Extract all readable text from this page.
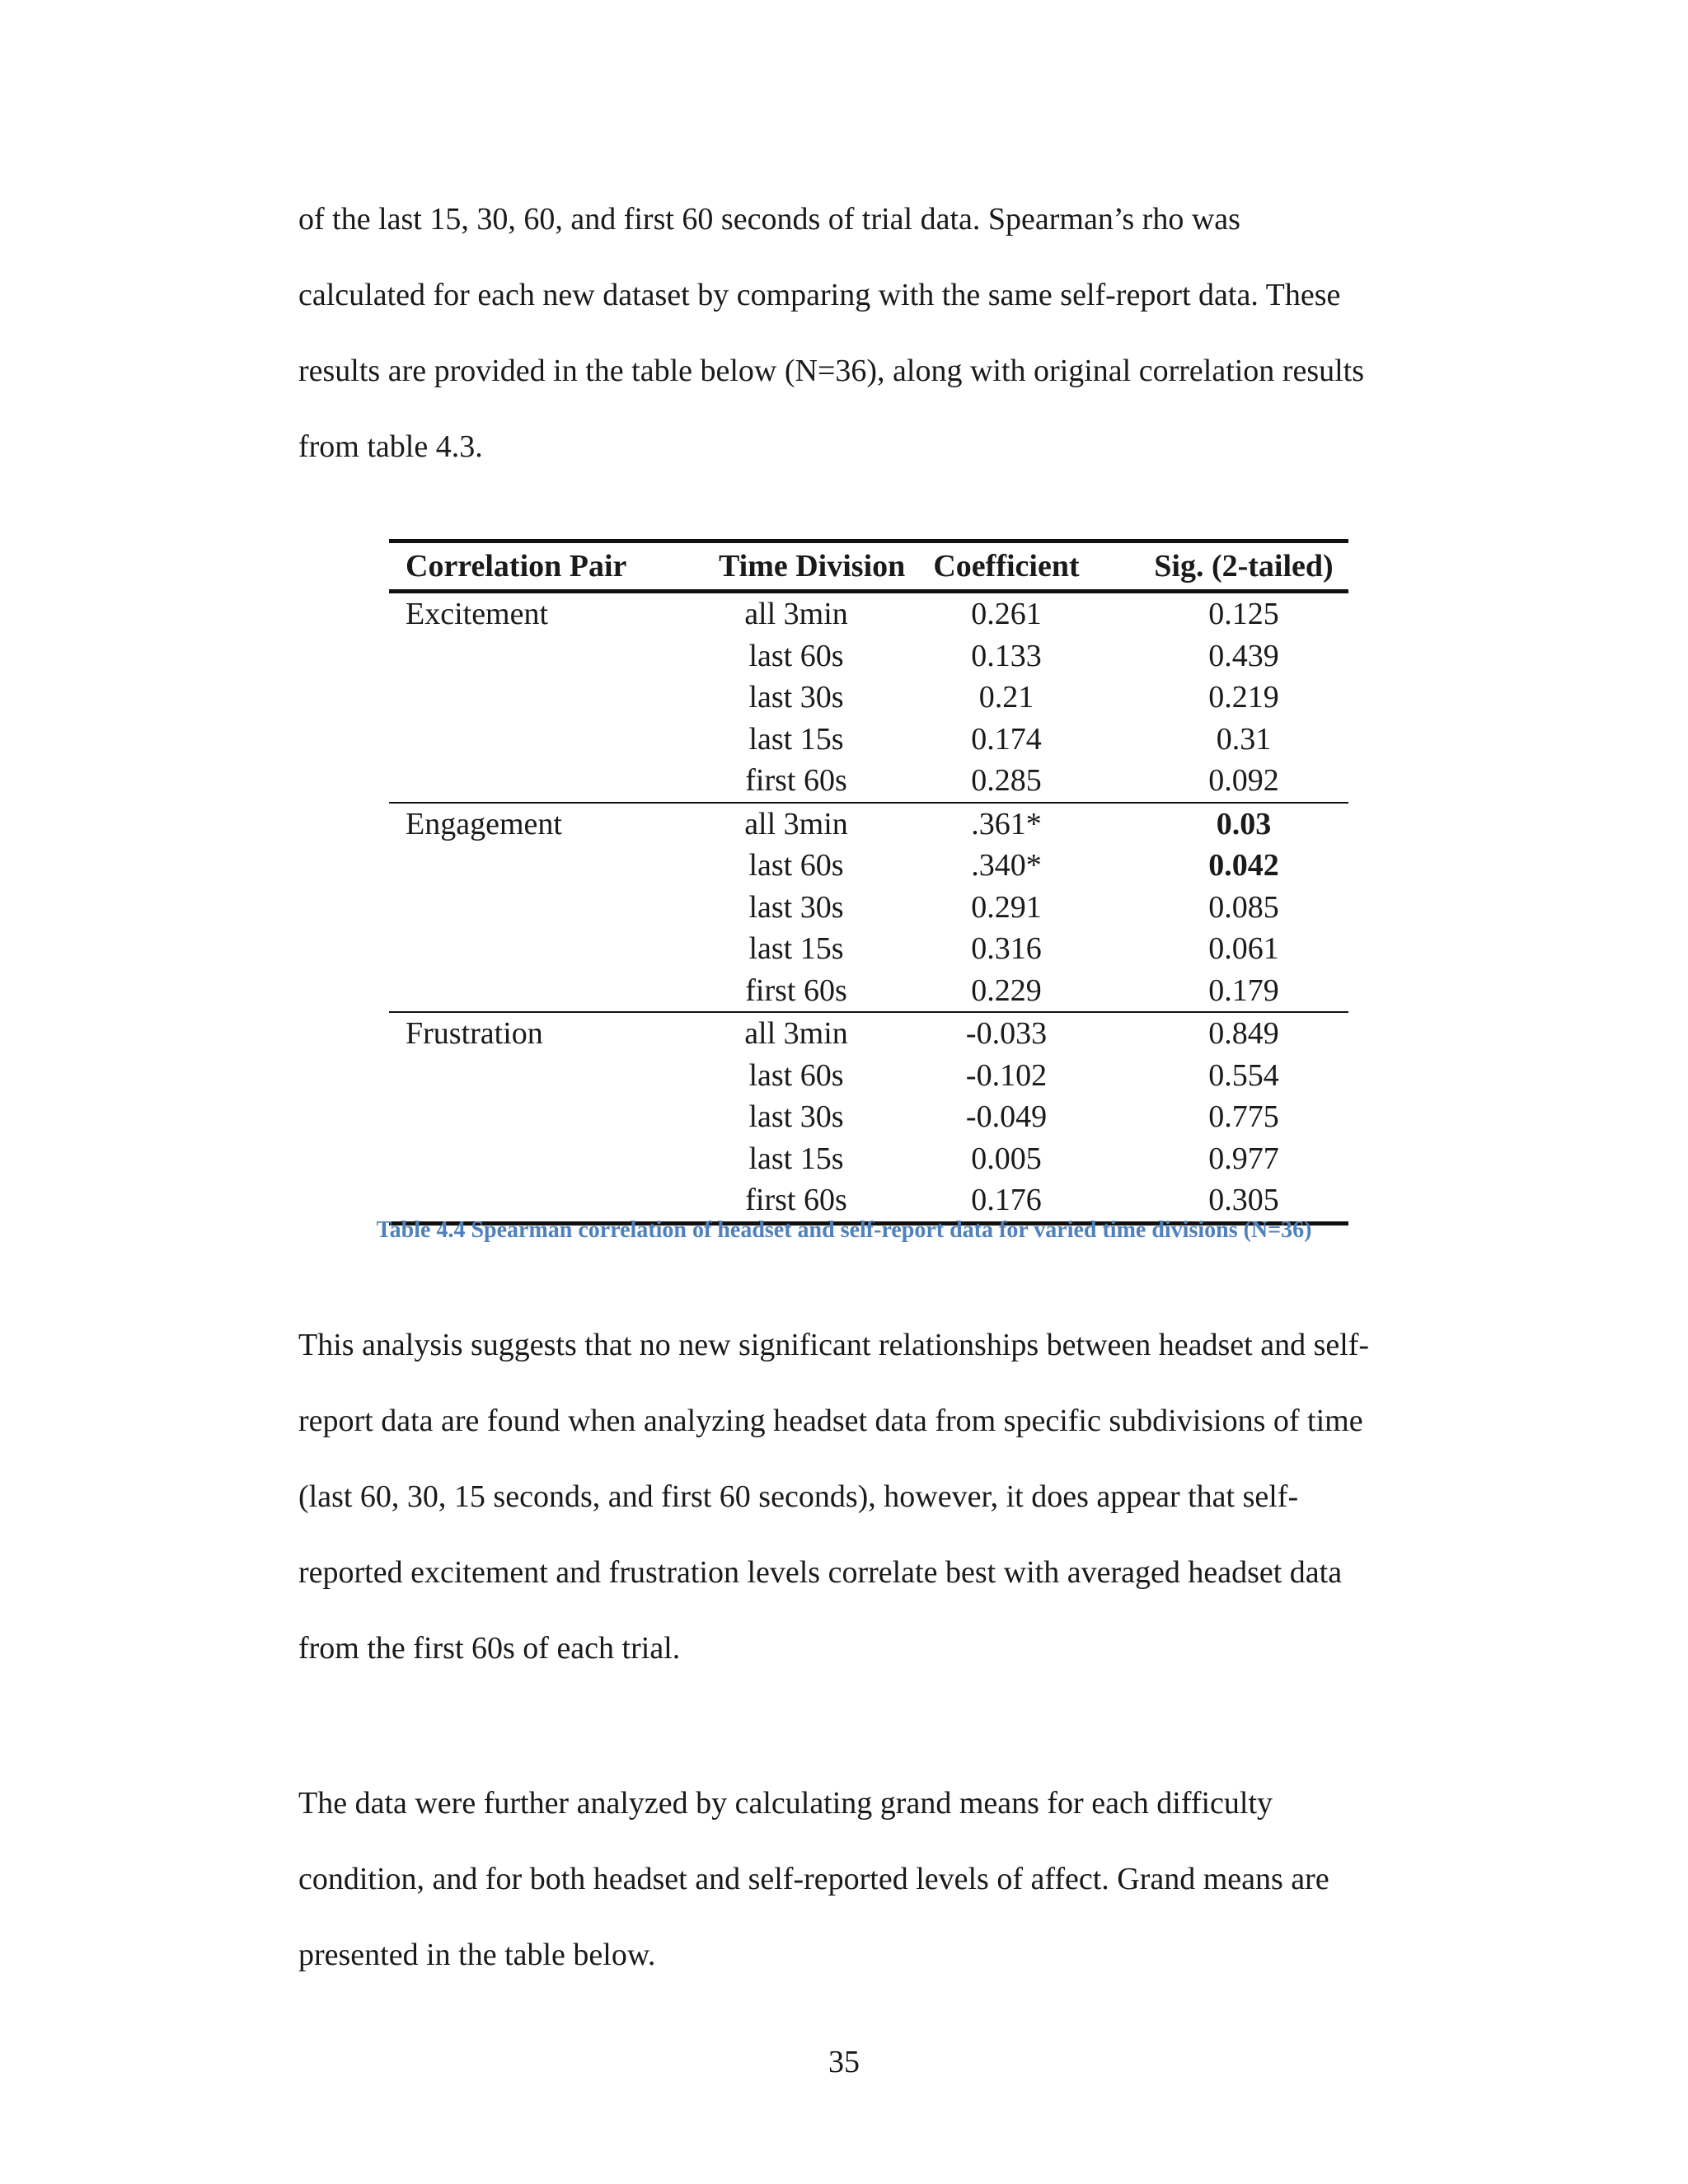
of the last 15, 30, 60, and first 60 seconds of trial data. Spearman’s rho was
calculated for each new dataset by comparing with the same self-report data. These
results are provided in the table below (N=36), along with original correlation results
from table 4.3.

Correlation Pair	Time Division	Coefficient	Sig. (2-tailed)
Excitement	all 3min	0.261	0.125
	last 60s	0.133	0.439
	last 30s	0.21	0.219
	last 15s	0.174	0.31
	first 60s	0.285	0.092
Engagement	all 3min	.361*	0.03
	last 60s	.340*	0.042
	last 30s	0.291	0.085
	last 15s	0.316	0.061
	first 60s	0.229	0.179
Frustration	all 3min	-0.033	0.849
	last 60s	-0.102	0.554
	last 30s	-0.049	0.775
	last 15s	0.005	0.977
	first 60s	0.176	0.305
Table 4.4 Spearman correlation of headset and self-report data for varied time divisions (N=36)

This analysis suggests that no new significant relationships between headset and self-
report data are found when analyzing headset data from specific subdivisions of time
(last 60, 30, 15 seconds, and first 60 seconds), however, it does appear that self-
reported excitement and frustration levels correlate best with averaged headset data
from the first 60s of each trial.

The data were further analyzed by calculating grand means for each difficulty
condition, and for both headset and self-reported levels of affect. Grand means are
presented in the table below.

35
